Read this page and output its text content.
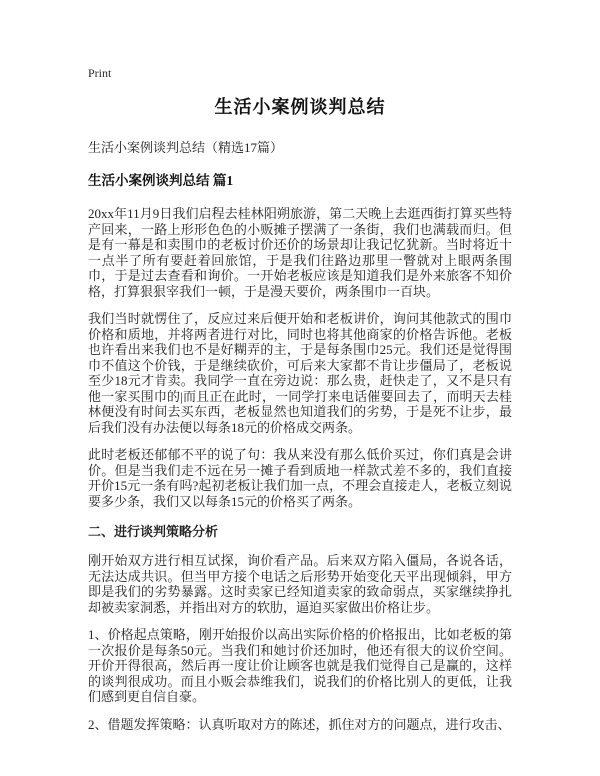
Print
生活小案例谈判总结

生活小案例谈判总结（精选17篇）

生活小案例谈判总结 篇1

20xx年11月9日我们启程去桂林阳朔旅游，第二天晚上去逛西街打算买些特产回来，一路上形形色色的小贩摊子摆满了一条街，我们也满载而归。但是有一幕是和卖围巾的老板讨价还价的场景却让我记忆犹新。当时将近十一点半了所有要赶着回旅馆，于是我们往路边那里一瞥就对上眼两条围巾，于是过去查看和询价。一开始老板应该是知道我们是外来旅客不知价格，打算狠狠宰我们一顿，于是漫天要价，两条围巾一百块。

我们当时就愣住了，反应过来后便开始和老板讲价，询问其他款式的围巾价格和质地，并将两者进行对比，同时也将其他商家的价格告诉他。老板也许看出来我们也不是好糊弄的主，于是每条围巾25元。我们还是觉得围巾不值这个价钱，于是继续砍价，可后来大家都不肯让步僵局了，老板说至少18元才肯卖。我同学一直在旁边说：那么贵，赶快走了，又不是只有他一家买围巾的|而且正在此时，一同学打来电话催要回去了，而明天去桂林便没有时间去买东西，老板显然也知道我们的劣势，于是死不让步，最后我们没有办法便以每条18元的价格成交两条。

此时老板还郁郁不平的说了句：我从来没有那么低价买过，你们真是会讲价。但是当我们走不远在另一摊子看到质地一样款式差不多的，我们直接开价15元一条有吗?起初老板让我们加一点，不理会直接走人，老板立刻说要多少条，我们又以每条15元的价格买了两条。

二、进行谈判策略分析

刚开始双方进行相互试探，询价看产品。后来双方陷入僵局，各说各话，无法达成共识。但当甲方接个电话之后形势开始变化天平出现倾斜，甲方即是我们的劣势暴露。这时卖家已经知道卖家的致命弱点，买家继续挣扎却被卖家洞悉，并指出对方的软肋，逼迫买家做出价格让步。

1、价格起点策略，刚开始报价以高出实际价格的价格报出，比如老板的第一次报价是每条50元。当我们和她讨价还加时，他还有很大的议价空间。开价开得很高，然后再一度让价让顾客也就是我们觉得自己是赢的，这样的谈判很成功。而且小贩会恭维我们，说我们的价格比别人的更低，让我们感到更自信自豪。

2、借题发挥策略：认真听取对方的陈述，抓住对方的问题点，进行攻击、
